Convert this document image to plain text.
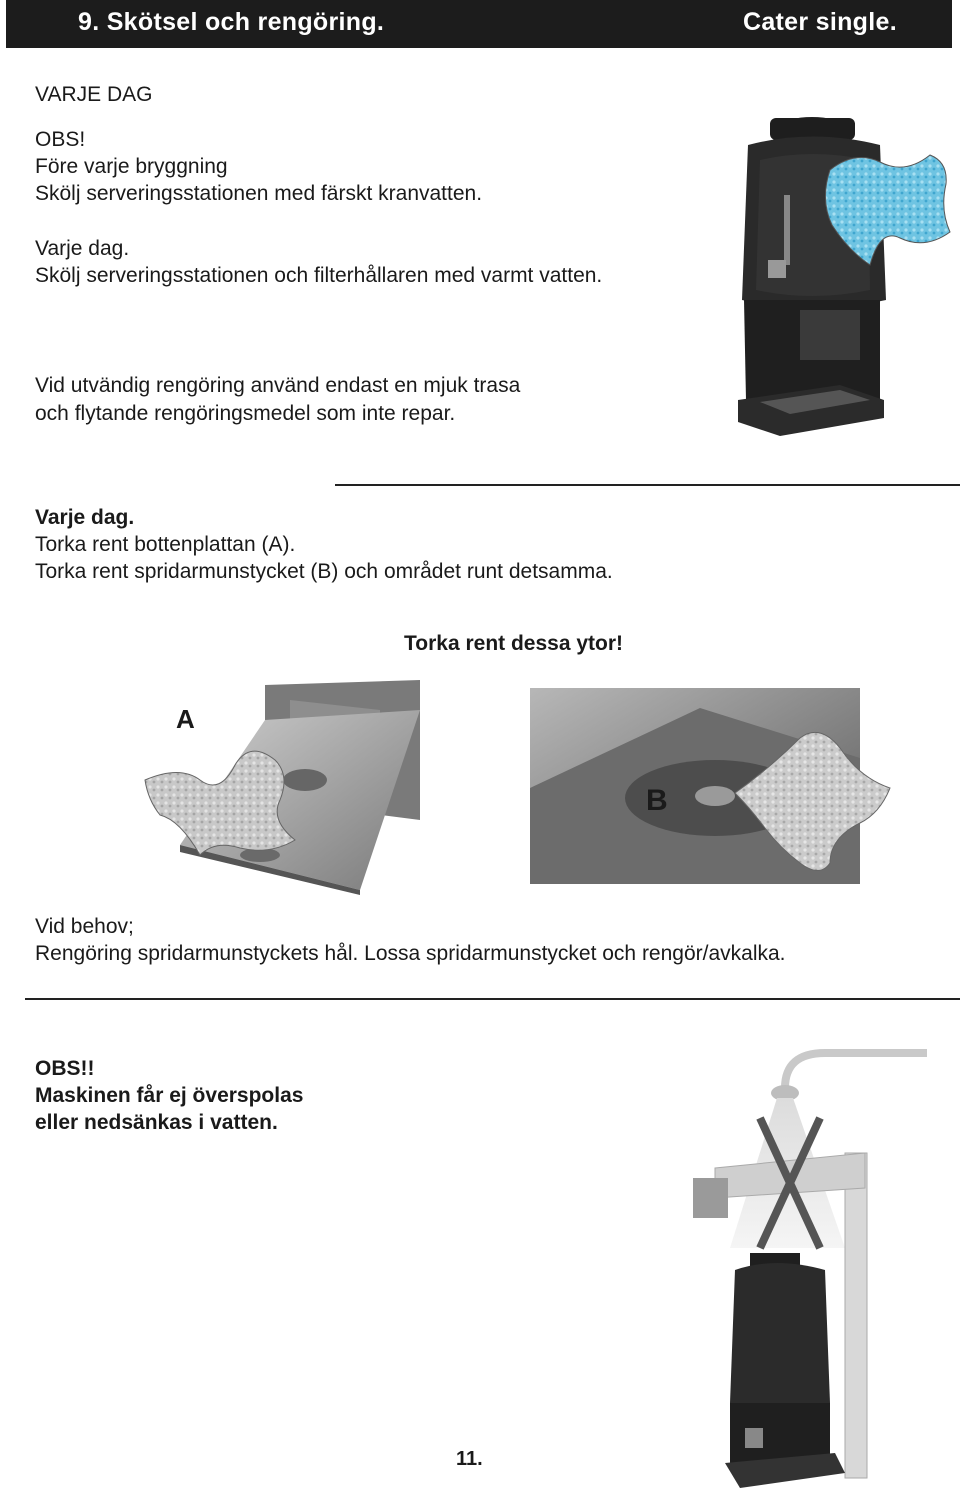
9. Skötsel och rengöring.	Cater single.
VARJE DAG
OBS!
Före varje bryggning
Skölj serveringsstationen med färskt kranvatten.
Varje dag.
Skölj serveringsstationen och filterhållaren med varmt vatten.
Vid utvändig rengöring använd endast en mjuk trasa
och flytande rengöringsmedel som inte repar.
Varje dag.
Torka rent bottenplattan (A).
Torka rent spridarmunstycket (B) och området runt detsamma.
Torka rent dessa ytor!
A
B
Vid behov;
Rengöring spridarmunstyckets hål. Lossa spridarmunstycket och rengör/avkalka.
OBS!!
Maskinen får ej överspolas
eller nedsänkas i vatten.
11.
